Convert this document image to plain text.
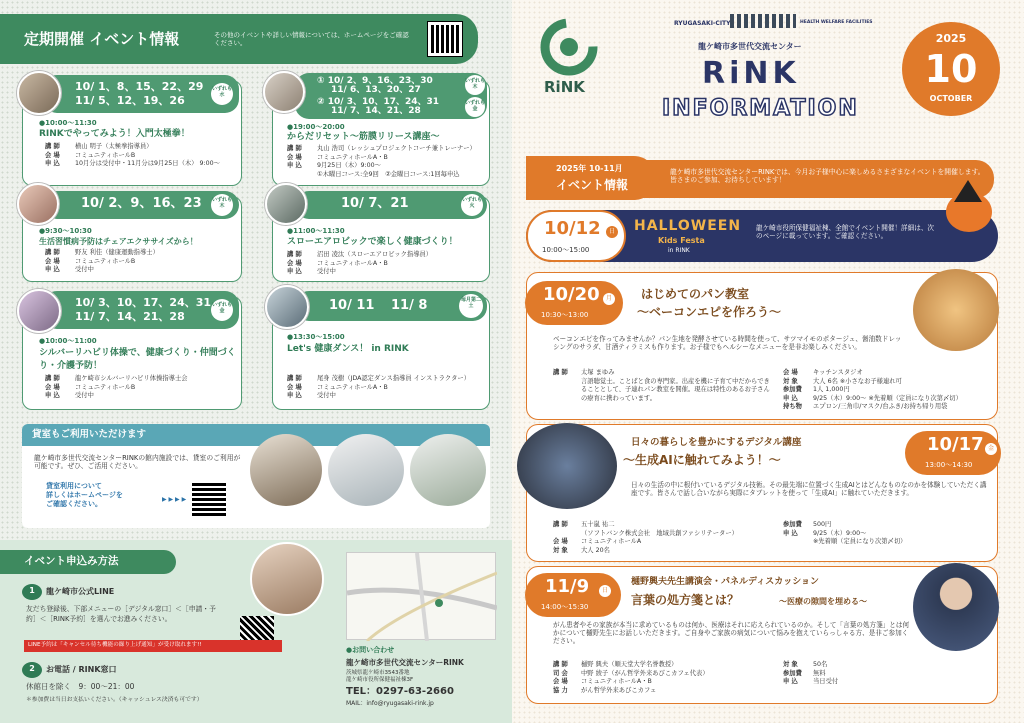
定期開催 イベント情報	その他のイベントや詳しい情報については、ホームページをご確認ください。
10/ 1、8、15、22、29
11/ 5、12、19、26
いずれも 水
●10:00〜11:30
RINKでやってみよう！入門太極拳！
講 師	横山 明子（太極拳指導員）
会 場	コミュニティホールB
申 込	10月分は受付中・11月分は9月25日（木） 9:00〜
① 10/ 2、9、16、23、30
11/ 6、13、20、27
② 10/ 3、10、17、24、31
11/ 7、14、21、28
いずれも 木
いずれも 金
●19:00〜20:00
からだリセット〜筋膜リリース講座〜
講 師	丸山 浩司（レッシュプロジェクトコーチ兼トレーナー）
会 場	コミュニティホールA・B
申 込	9月25日（木）9:00〜
①木曜日コース:全9回　②金曜日コース:1回毎申込
10/ 2、9、16、23 いずれも 木
●9:30〜10:30
生活習慣病予防はチェアエクササイズから！
講 師	野友 利佳（健康運動指導士）
会 場	コミュニティホールB
申 込	受付中
10/ 7、21	いずれも 火
●11:00〜11:30
スローエアロビックで楽しく健康づくり！
講 師	沼田 凌汰（スローエアロビック指導員）
会 場	コミュニティホールA・B
申 込	受付中
10/ 3、10、17、24、31
11/ 7、14、21、28
いずれも 金
●10:00〜11:00
シルバーリハビリ体操で、健康づくり・仲間づくり・介護予防！
講 師	龍ケ崎市シルバーリハビリ体操指導士会
会 場	コミュニティホールB
申 込	受付中
10/ 11 11/ 8	毎月第二 土
●13:30〜15:00
Let's 健康ダンス！ in RINK
講 師	尾身 茂樹（JDA認定ダンス指導員 インストラクター）
会 場	コミュニティホールA・B
申 込	受付中
貸室もご利用いただけます
龍ケ崎市多世代交流センターRINKの館内施設では、貸室のご利用が可能です。ぜひ、ご活用ください。
貸室利用について
詳しくはホームページを
ご確認ください。	▶ ▶ ▶ ▶
イベント申込み方法
1	龍ケ崎市公式LINE
友だち登録後、下部メニューの［デジタル窓口］＜［申請・予約］＜［RINK予約］を選んでお進みください。
LINE予約は「キャンセル待ち機能の繰り上げ通知」が受け取れます!!
2	お電話 / RINK窓口
休館日を除く　9：00〜21：00
＊参加費は当日お支払いください。（キャッシュレス決済も可です）
●お問い合わせ
龍ケ崎市多世代交流センターRINK
茨城県龍ケ崎市3543番地
龍ケ崎市役所保健福祉棟3F
TEL：0297-63-2660
MAIL：info@ryugasaki-rink.jp
RiNK
RYUGASAKI-CITY	HEALTH WELFARE FACILITIES
龍ケ崎市多世代交流センター
RiNK
INFORMATION
2025
10
OCTOBER
2025年 10-11月
イベント情報
龍ケ崎市多世代交流センターRINKでは、今月お子様中心に楽しめるさまざまなイベントを開催します。皆さまのご参加、お待ちしています！
10/12	日
10:00〜15:00
HALLOWEEN
Kids Festa
in RINK
龍ケ崎市役所保健福祉棟、全館でイベント開催！詳細は、次のページに載っています。ご確認ください。
10/20	月
10:30〜13:00
はじめてのパン教室
〜ベーコンエピを作ろう〜
ベーコンエピを作ってみませんか？パン生地を発酵させている時間を使って、サツマイモのポタージュ、醤油数ドレッシングのサラダ、甘酒ティラミスも作ります。お子様でもヘルシーなメニューを是非お楽しみください。
講 師	太塚 まゆみ
言語聴覚士。ことばと食の専門家。出産を機に子育て中だからできることとして、子連れパン教室を開催。現在は特性のあるお子さんの療育に携わっています。
会 場	キッチンスタジオ
対 象	大人 6名 ※小さなお子様連れ可
参加費	1人 1,000円
申 込	9/25（木）9:00〜 ※先着順（定員になり次第〆切）
持ち物	エプロン/三角巾/マスク/台ふき/お持ち帰り用袋
日々の暮らしを豊かにするデジタル講座
〜生成AIに触れてみよう！〜
10/17 金
13:00〜14:30
日々の生活の中に根付いているデジタル技術。その最先端に位置づく生成AIとはどんなものなのかを体験していただく講座です。皆さんで話し合いながら実際にタブレットを使って「生成AI」に触れていただきます。
講 師	五十嵐 祐二
（ソフトバンク株式会社　地域共創ファシリテーター）
会 場	コミュニティホールA
対 象	大人 20名
参加費	500円
申 込	9/25（木）9:00〜
※先着順（定員になり次第〆切）
11/9	日
14:00〜15:30
樋野興夫先生講演会・パネルディスカッション
言葉の処方箋とは？	〜医療の隙間を埋める〜
がん患者やその家族が本当に求めているものは何か、医療はそれに応えられているのか。そして「言葉の処方箋」とは何かについて樋野先生にお話しいただきます。ご自身やご家族の病気について悩みを抱えていらっしゃる方、是非ご参加ください。
講 師	樋野 興夫（順天堂大学名誉教授）
司 会	中野 綾子（がん哲学外来あびこカフェ代表）
会 場	コミュニティホールA・B
協 力	がん哲学外来あびこカフェ
対 象	50名
参加費	無料
申 込	当日受付
